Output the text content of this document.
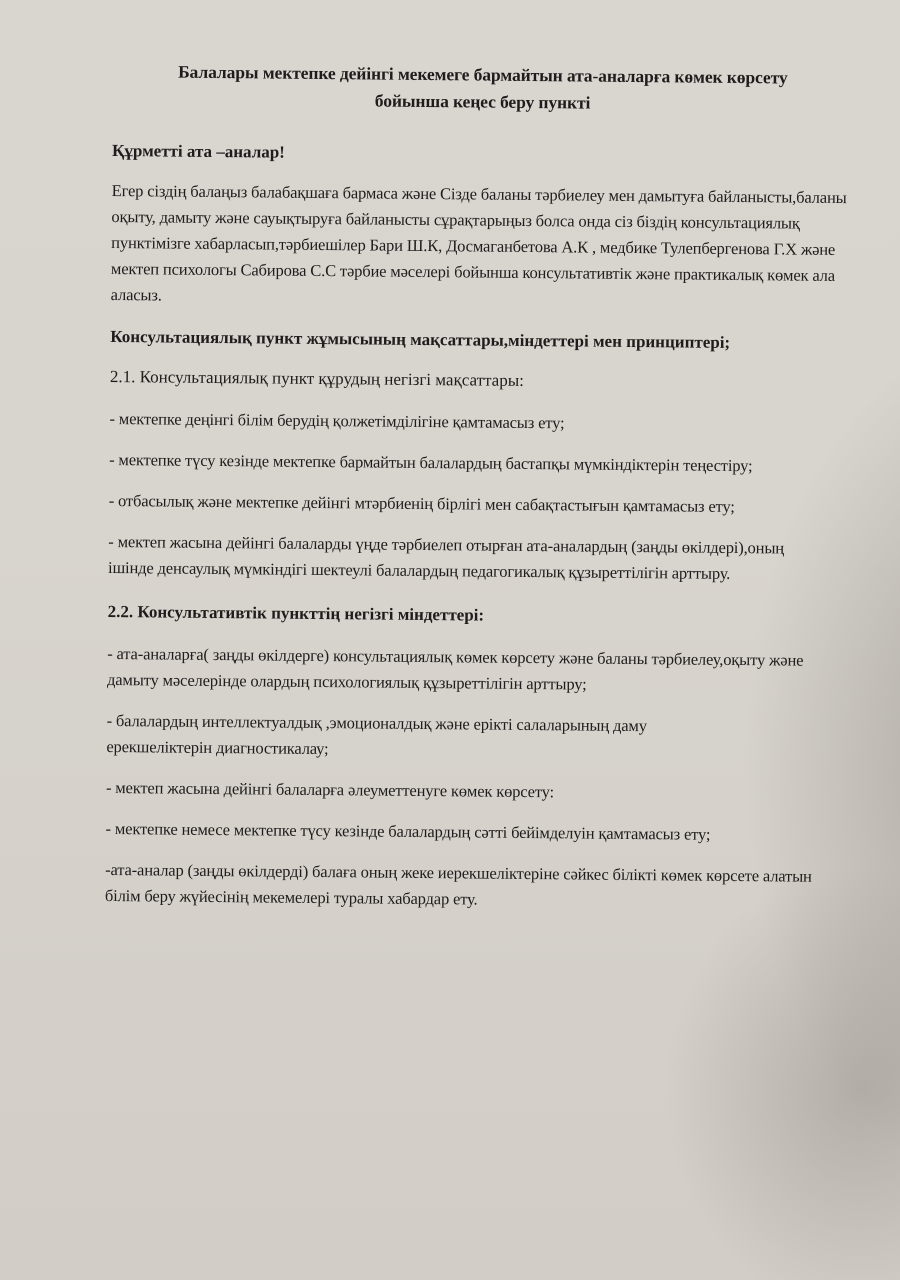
Балалары мектепке дейінгі мекемеге бармайтын ата-аналарға көмек көрсету
бойынша кеңес беру пункті
Құрметті ата –аналар!

Егер сіздің балаңыз балабақшаға бармаса және Сізде баланы тәрбиелеу мен дамытуға байланысты,баланы оқыту, дамыту және сауықтыруға байланысты сұрақтарыңыз болса онда сіз біздің консультациялық пунктімізге хабарласып,тәрбиешілер Бари Ш.К, Досмаганбетова А.К , медбике Тулепбергенова Г.Х және мектеп психологы Сабирова С.С тәрбие мәселері бойынша консультативтік және практикалық көмек ала аласыз.

Консультациялық пункт жұмысының мақсаттары,міндеттері мен принциптері;
2.1. Консультациялық пункт құрудың негізгі мақсаттары:

- мектепке деңінгі білім берудің қолжетімділігіне қамтамасыз ету;

- мектепке түсу кезінде мектепке бармайтын балалардың бастапқы мүмкіндіктерін теңестіру;

- отбасылық және мектепке дейінгі мтәрбиенің бірлігі мен сабақтастығын қамтамасыз ету;

- мектеп жасына дейінгі балаларды үңде тәрбиелеп отырған ата-аналардың (заңды өкілдері),оның ішінде денсаулық мүмкіндігі шектеулі балалардың педагогикалық құзыреттілігін арттыру.

2.2. Консультативтік пункттің негізгі міндеттері:

- ата-аналарға( заңды өкілдерге) консультациялық көмек көрсету және баланы тәрбиелеу,оқыту және дамыту мәселерінде олардың психологиялық құзыреттілігін арттыру;

- балалардың интеллектуалдық ,эмоционалдық және ерікті салаларының даму ерекшеліктерін диагностикалау;

- мектеп жасына дейінгі балаларға әлеуметтенуге көмек көрсету:

- мектепке немесе мектепке түсу кезінде балалардың сәтті бейімделуін қамтамасыз ету;

-ата-аналар (заңды өкілдерді) балаға оның жеке иерекшеліктеріне сәйкес білікті көмек көрсете алатын білім беру жүйесінің мекемелері туралы хабардар ету.
